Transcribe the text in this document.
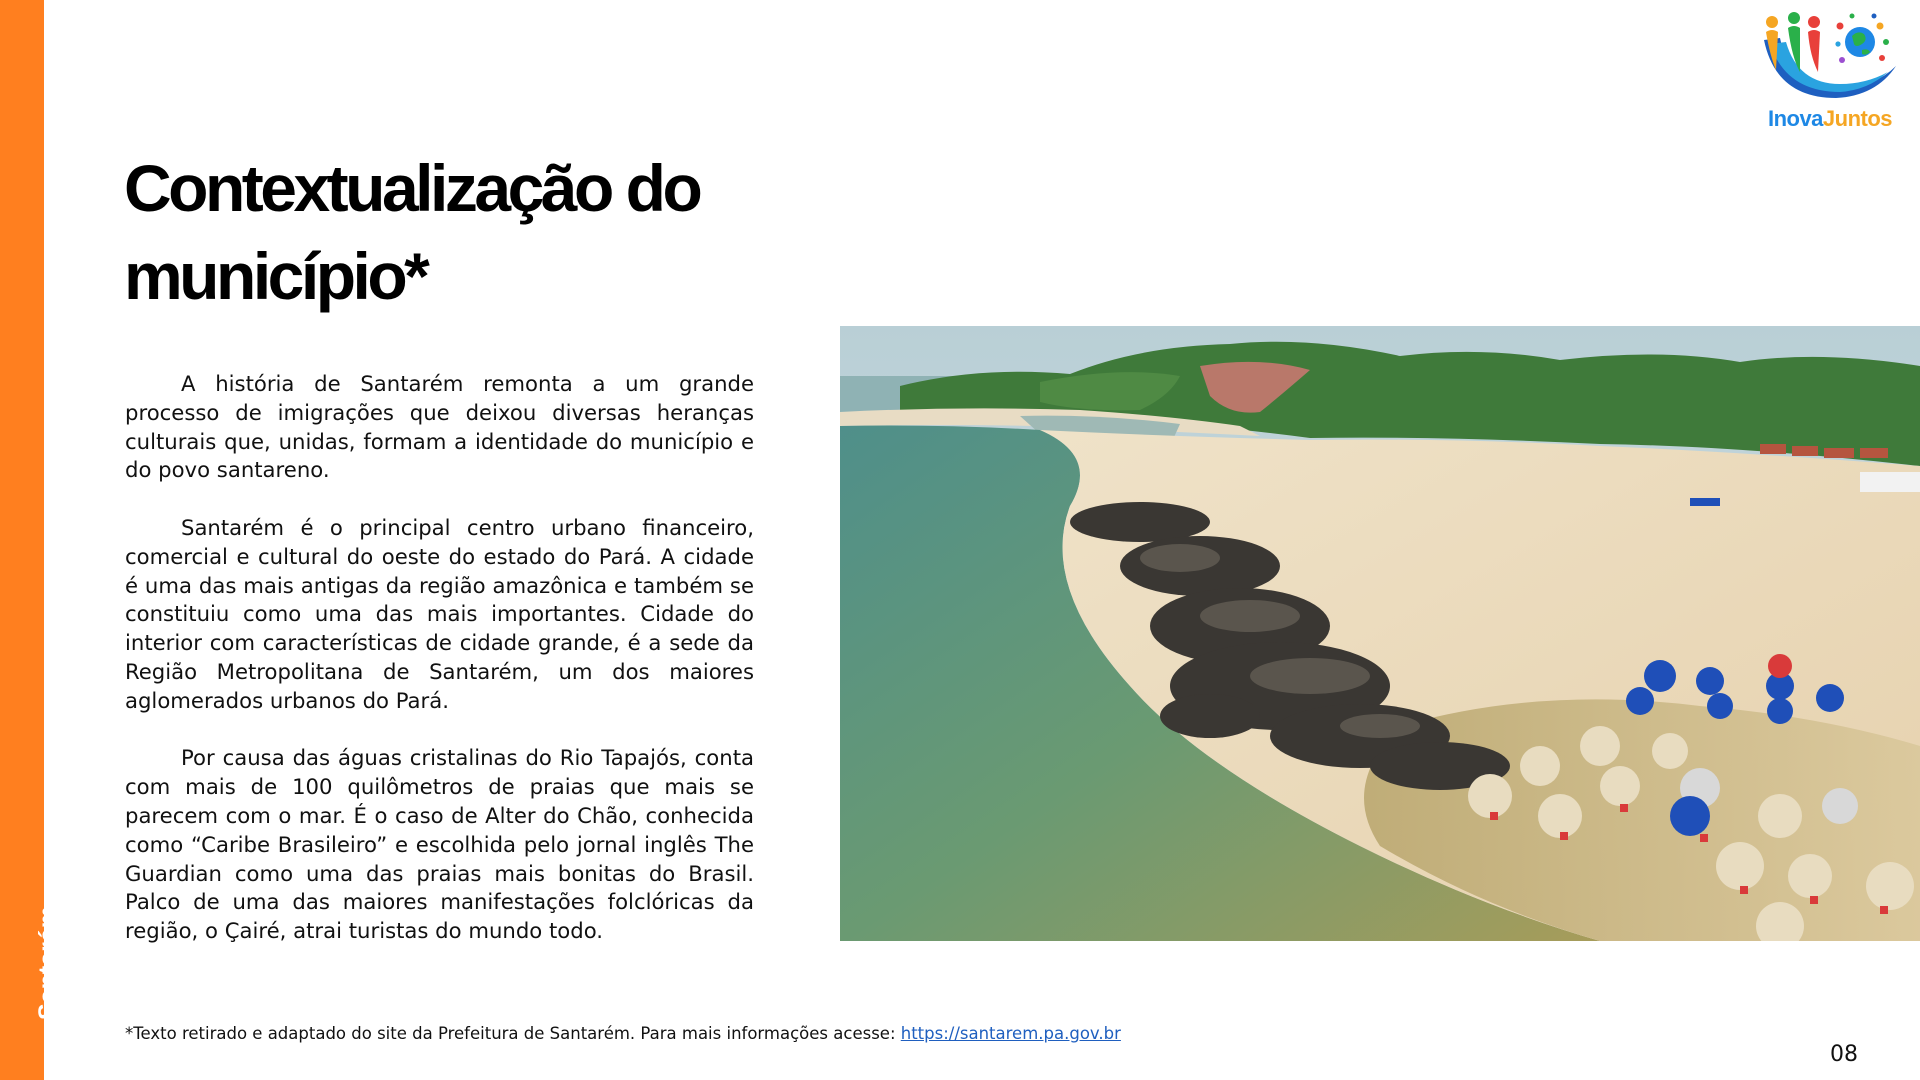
Santarém
InovaJuntos
Contextualização do
município*

A história de Santarém remonta a um grande processo de imigrações que deixou diversas heranças culturais que, unidas, formam a identidade do município e do povo santareno.

Santarém é o principal centro urbano financeiro, comercial e cultural do oeste do estado do Pará. A cidade é uma das mais antigas da região amazônica e também se constituiu como uma das mais importantes. Cidade do interior com características de cidade grande, é a sede da Região Metropolitana de Santarém, um dos maiores aglomerados urbanos do Pará.

Por causa das águas cristalinas do Rio Tapajós, conta com mais de 100 quilômetros de praias que mais se parecem com o mar. É o caso de Alter do Chão, conhecida como “Caribe Brasileiro” e escolhida pelo jornal inglês The Guardian como uma das praias mais bonitas do Brasil. Palco de uma das maiores manifestações folclóricas da região, o Çairé, atrai turistas do mundo todo.

*Texto retirado e adaptado do site da Prefeitura de Santarém. Para mais informações acesse: https://santarem.pa.gov.br
08
